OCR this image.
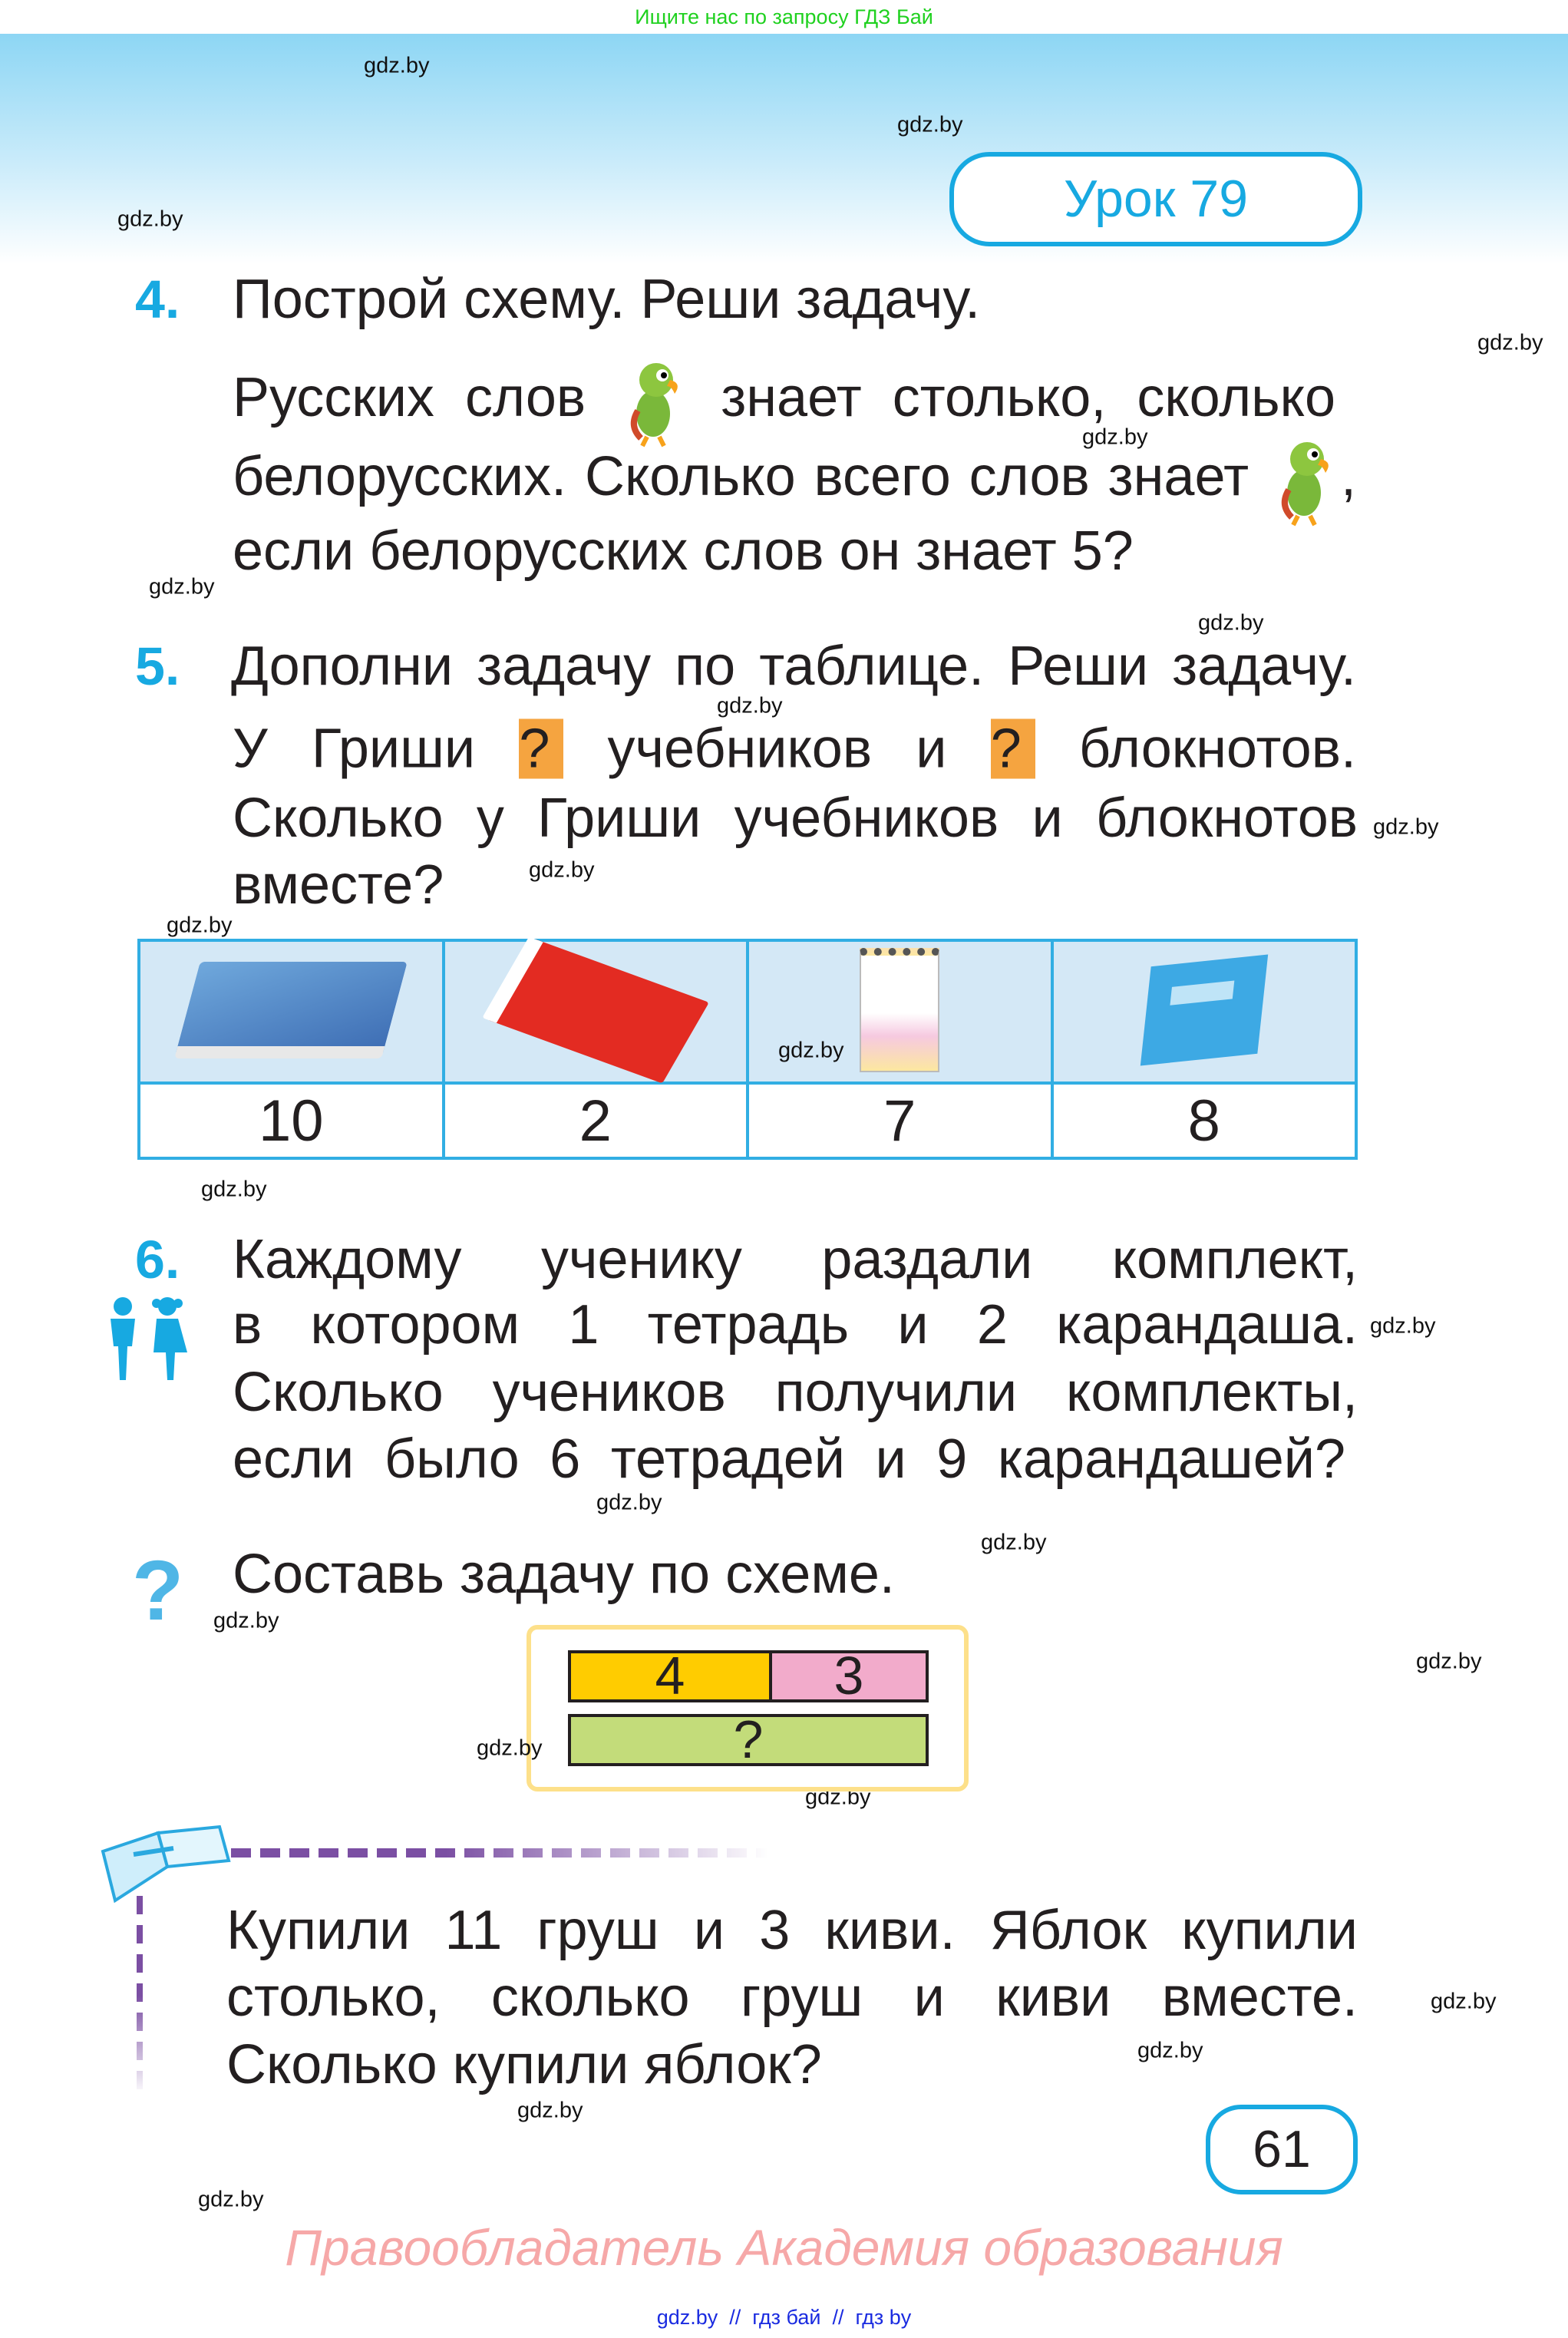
Ищите нас по запросу ГДЗ Бай
gdz.by
gdz.by
gdz.by
gdz.by
gdz.by
gdz.by
gdz.by
gdz.by
gdz.by
gdz.by
gdz.by
gdz.by
gdz.by
gdz.by
gdz.by
gdz.by
gdz.by
gdz.by
gdz.by
gdz.by
gdz.by
gdz.by
gdz.by
gdz.by
Урок 79
4. Построй схему. Реши задачу.
Русских слов знает столько, сколько
белорусских. Сколько всего слов знает ,
если белорусских слов он знает 5?
5. Дополни задачу по таблице. Реши задачу.
У Гриши ? учебников и ? блокнотов.
Сколько у Гриши учебников и блокнотов
вместе?

10	2	7	8
6. Каждому ученику раздали комплект,
в котором 1 тетрадь и 2 карандаша.
Сколько учеников получили комплекты,
если было 6 тетрадей и 9 карандашей?
? Составь задачу по схеме.
4	3
?
Купили 11 груш и 3 киви. Яблок купили
столько, сколько груш и киви вместе.
Сколько купили яблок?
61
Правообладатель Академия образования
gdz.by  //  гдз бай  //  гдз by
